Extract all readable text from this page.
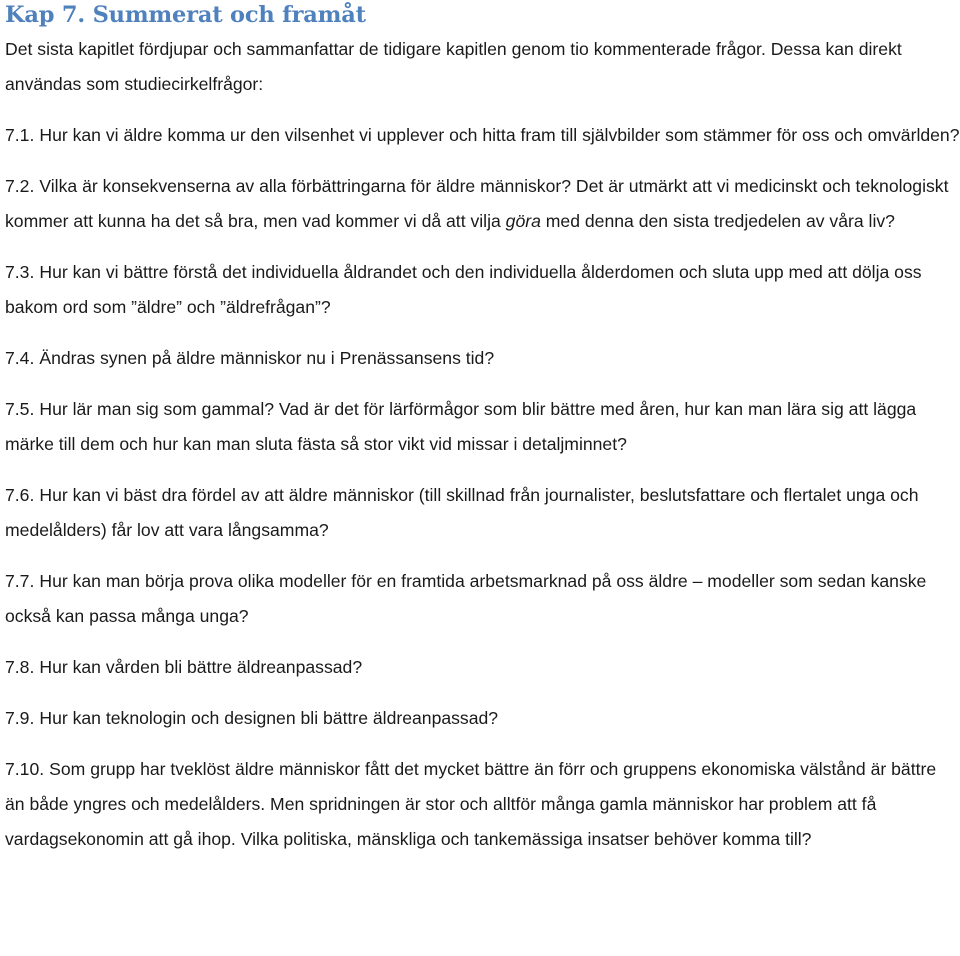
Kap 7. Summerat och framåt
Det sista kapitlet fördjupar och sammanfattar de tidigare kapitlen genom tio kommenterade frågor. Dessa kan direkt användas som studiecirkelfrågor:
7.1. Hur kan vi äldre komma ur den vilsenhet vi upplever och hitta fram till självbilder som stämmer för oss och omvärlden?
7.2. Vilka är konsekvenserna av alla förbättringarna för äldre människor? Det är utmärkt att vi medicinskt och teknologiskt kommer att kunna ha det så bra, men vad kommer vi då att vilja göra med denna den sista tredjedelen av våra liv?
7.3. Hur kan vi bättre förstå det individuella åldrandet och den individuella ålderdomen och sluta upp med att dölja oss bakom ord som ”äldre” och ”äldrefrågan”?
7.4. Ändras synen på äldre människor nu i Prenässansens tid?
7.5. Hur lär man sig som gammal? Vad är det för lärförmågor som blir bättre med åren, hur kan man lära sig att lägga märke till dem och hur kan man sluta fästa så stor vikt vid missar i detaljminnet?
7.6. Hur kan vi bäst dra fördel av att äldre människor (till skillnad från journalister, beslutsfattare och flertalet unga och medelålders) får lov att vara långsamma?
7.7. Hur kan man börja prova olika modeller för en framtida arbetsmarknad på oss äldre – modeller som sedan kanske också kan passa många unga?
7.8. Hur kan vården bli bättre äldreanpassad?
7.9. Hur kan teknologin och designen bli bättre äldreanpassad?
7.10. Som grupp har tveklöst äldre människor fått det mycket bättre än förr och gruppens ekonomiska välstånd är bättre än både yngres och medelålders. Men spridningen är stor och alltför många gamla människor har problem att få vardagsekonomin att gå ihop. Vilka politiska, mänskliga och tankemässiga insatser behöver komma till?
